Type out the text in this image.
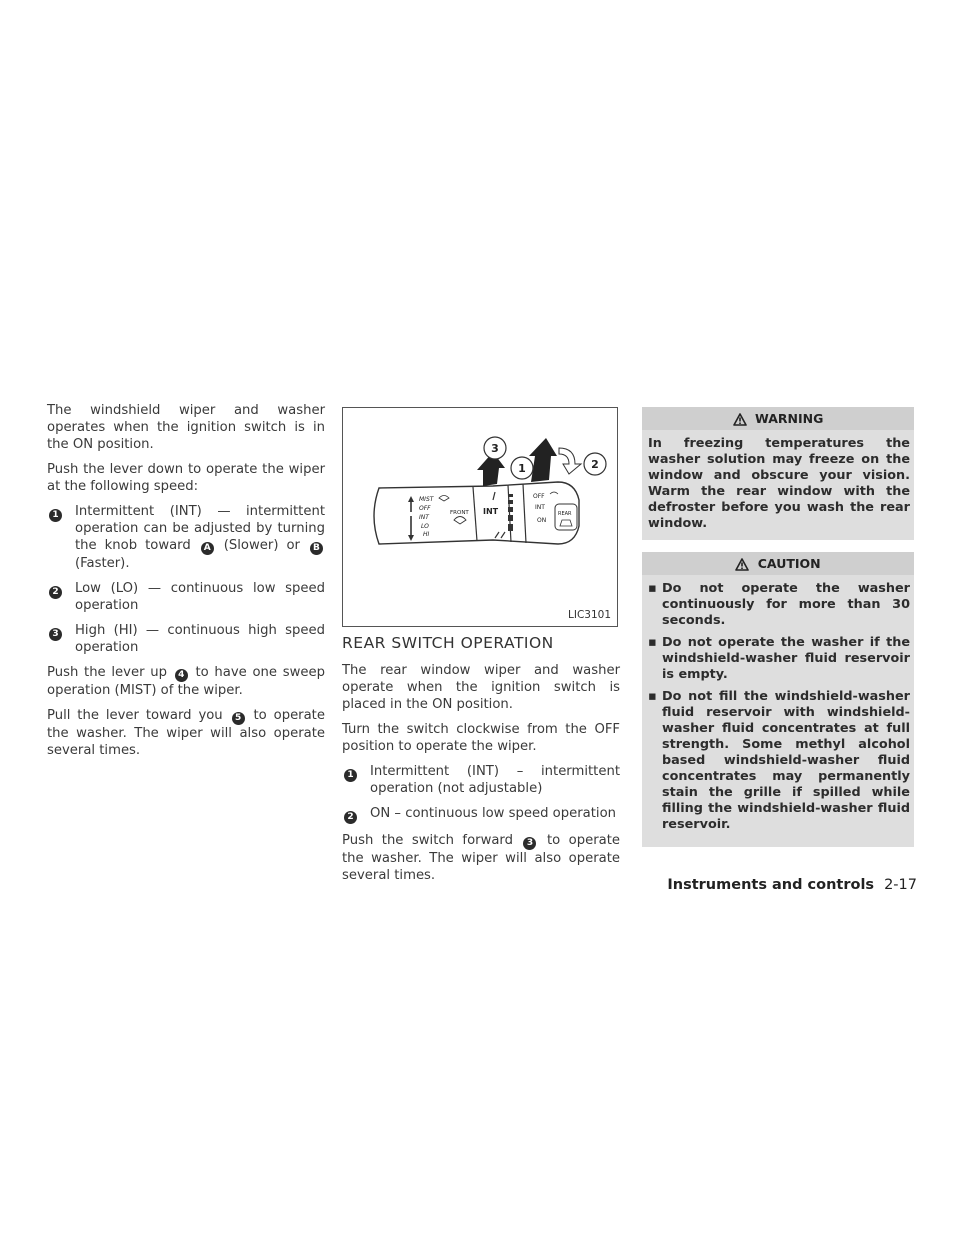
The windshield wiper and washer operates when the ignition switch is in the ON position.

Push the lever down to operate the wiper at the following speed:

1	Intermittent (INT) — intermittent operation can be adjusted by turning the knob toward A (Slower) or B (Faster).
2	Low (LO) — continuous low speed operation
3	High (HI) — continuous high speed operation

Push the lever up 4 to have one sweep operation (MIST) of the wiper.

Pull the lever toward you 5 to operate the washer. The wiper will also operate several times.

MIST
OFF
INT
LO
HI
FRONT INT
OFF
INT
ON
REAR
3
1	2
LIC3101
REAR SWITCH OPERATION

The rear window wiper and washer operate when the ignition switch is placed in the ON position.

Turn the switch clockwise from the OFF position to operate the wiper.

1	Intermittent (INT) – intermittent operation (not adjustable)
2	ON – continuous low speed operation

Push the switch forward 3 to operate the washer. The wiper will also operate several times.

WARNING

In freezing temperatures the washer solution may freeze on the window and obscure your vision. Warm the rear window with the defroster before you wash the rear window.

CAUTION
▪ Do not operate the washer continuously for more than 30 seconds.
▪ Do not operate the washer if the windshield-washer fluid reservoir is empty.
▪ Do not fill the windshield-washer fluid reservoir with windshield-washer fluid concentrates at full strength. Some methyl alcohol based windshield-washer fluid concentrates may permanently stain the grille if spilled while filling the windshield-washer fluid reservoir.
Instruments and controls 2-17
